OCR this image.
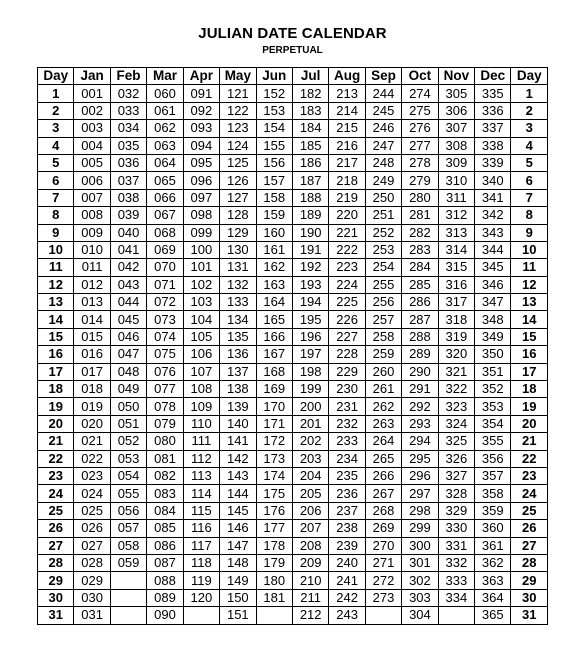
JULIAN DATE CALENDAR
PERPETUAL
Day	Jan	Feb	Mar	Apr	May	Jun	Jul	Aug	Sep	Oct	Nov	Dec	Day
1	001	032	060	091	121	152	182	213	244	274	305	335	1
2	002	033	061	092	122	153	183	214	245	275	306	336	2
3	003	034	062	093	123	154	184	215	246	276	307	337	3
4	004	035	063	094	124	155	185	216	247	277	308	338	4
5	005	036	064	095	125	156	186	217	248	278	309	339	5
6	006	037	065	096	126	157	187	218	249	279	310	340	6
7	007	038	066	097	127	158	188	219	250	280	311	341	7
8	008	039	067	098	128	159	189	220	251	281	312	342	8
9	009	040	068	099	129	160	190	221	252	282	313	343	9
10	010	041	069	100	130	161	191	222	253	283	314	344	10
11	011	042	070	101	131	162	192	223	254	284	315	345	11
12	012	043	071	102	132	163	193	224	255	285	316	346	12
13	013	044	072	103	133	164	194	225	256	286	317	347	13
14	014	045	073	104	134	165	195	226	257	287	318	348	14
15	015	046	074	105	135	166	196	227	258	288	319	349	15
16	016	047	075	106	136	167	197	228	259	289	320	350	16
17	017	048	076	107	137	168	198	229	260	290	321	351	17
18	018	049	077	108	138	169	199	230	261	291	322	352	18
19	019	050	078	109	139	170	200	231	262	292	323	353	19
20	020	051	079	110	140	171	201	232	263	293	324	354	20
21	021	052	080	111	141	172	202	233	264	294	325	355	21
22	022	053	081	112	142	173	203	234	265	295	326	356	22
23	023	054	082	113	143	174	204	235	266	296	327	357	23
24	024	055	083	114	144	175	205	236	267	297	328	358	24
25	025	056	084	115	145	176	206	237	268	298	329	359	25
26	026	057	085	116	146	177	207	238	269	299	330	360	26
27	027	058	086	117	147	178	208	239	270	300	331	361	27
28	028	059	087	118	148	179	209	240	271	301	332	362	28
29	029		088	119	149	180	210	241	272	302	333	363	29
30	030		089	120	150	181	211	242	273	303	334	364	30
31	031		090		151		212	243		304		365	31
